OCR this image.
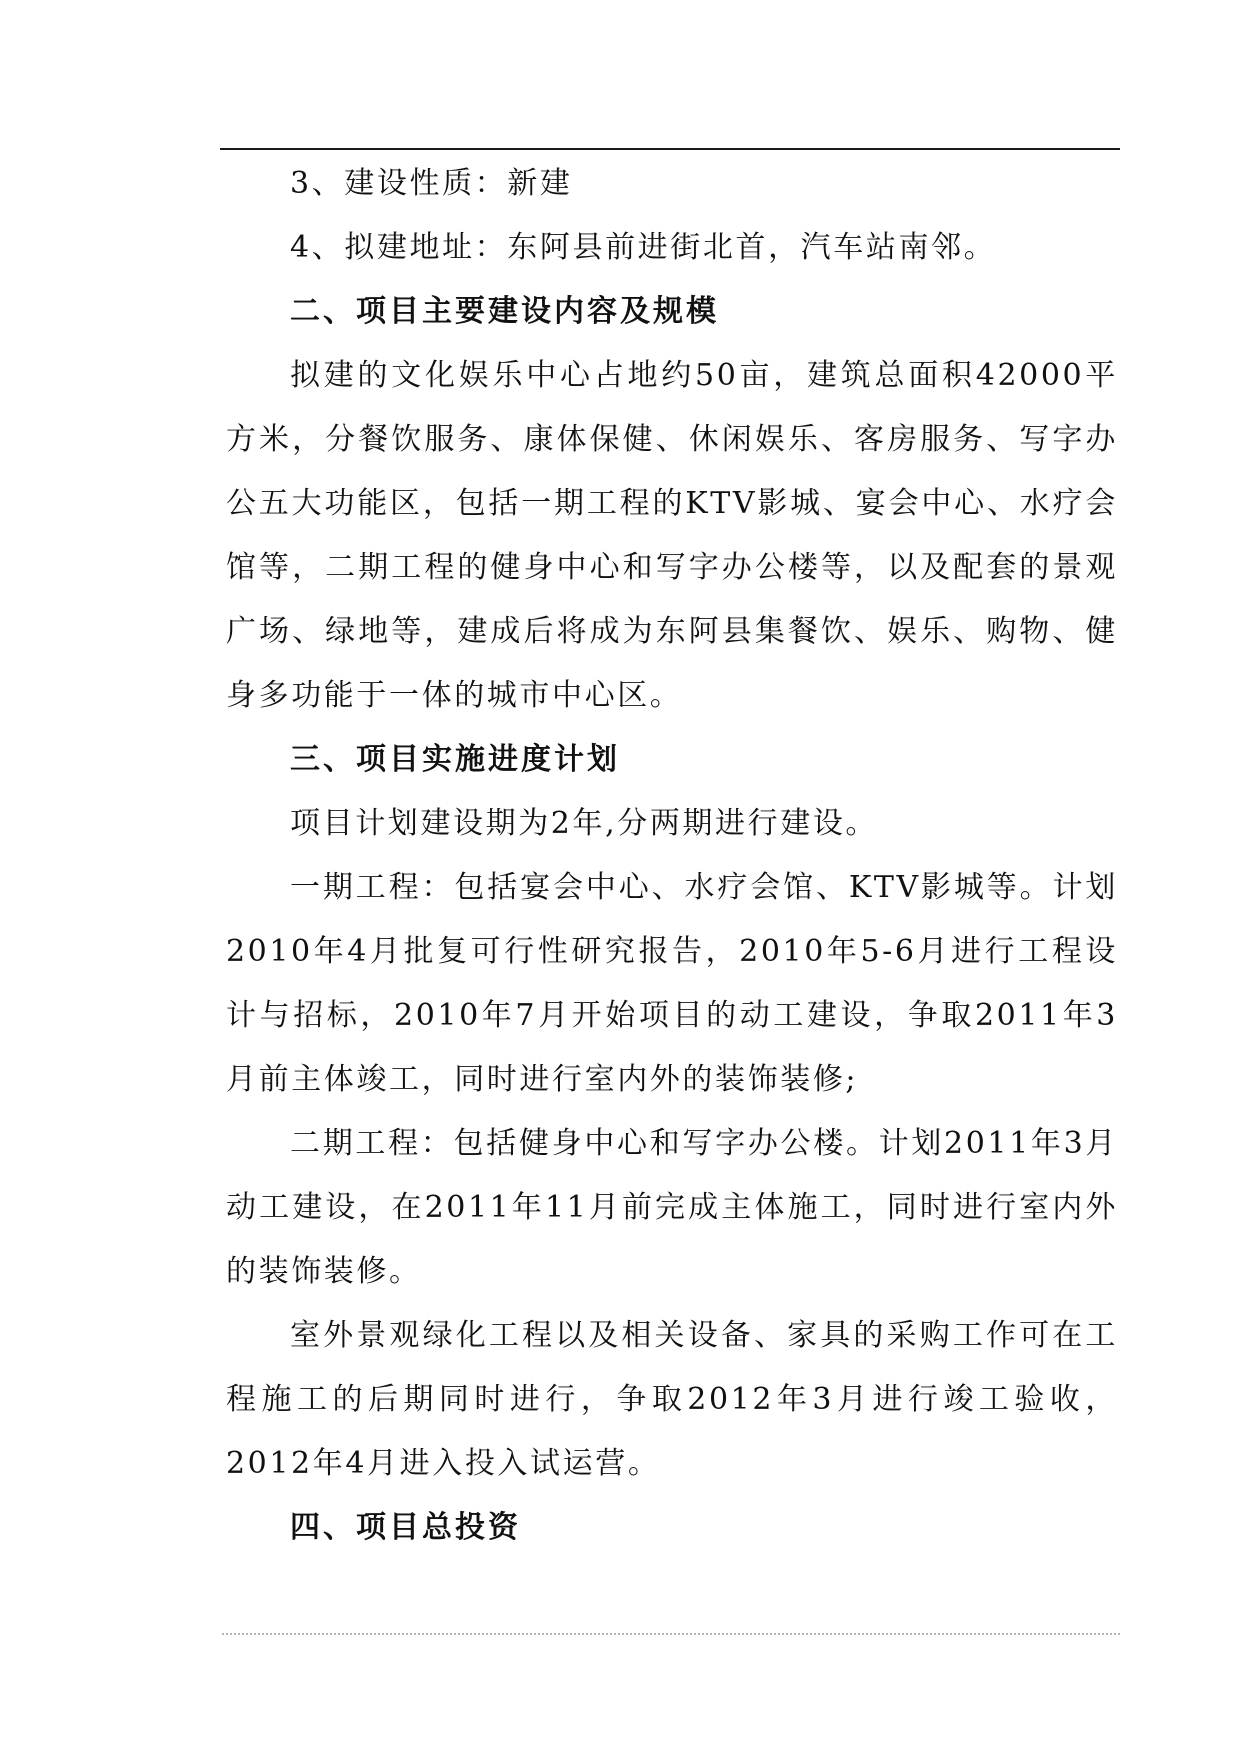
3、建设性质：新建
4、拟建地址：东阿县前进街北首，汽车站南邻。
二、项目主要建设内容及规模
拟建的文化娱乐中心占地约50亩，建筑总面积42000平方米，分餐饮服务、康体保健、休闲娱乐、客房服务、写字办公五大功能区，包括一期工程的KTV影城、宴会中心、水疗会馆等，二期工程的健身中心和写字办公楼等，以及配套的景观广场、绿地等，建成后将成为东阿县集餐饮、娱乐、购物、健身多功能于一体的城市中心区。
三、项目实施进度计划
项目计划建设期为2年,分两期进行建设。
一期工程：包括宴会中心、水疗会馆、KTV影城等。计划2010年4月批复可行性研究报告，2010年5-6月进行工程设计与招标，2010年7月开始项目的动工建设，争取2011年3月前主体竣工，同时进行室内外的装饰装修;
二期工程：包括健身中心和写字办公楼。计划2011年3月动工建设，在2011年11月前完成主体施工，同时进行室内外的装饰装修。
室外景观绿化工程以及相关设备、家具的采购工作可在工程施工的后期同时进行，争取2012年3月进行竣工验收，2012年4月进入投入试运营。
四、项目总投资
